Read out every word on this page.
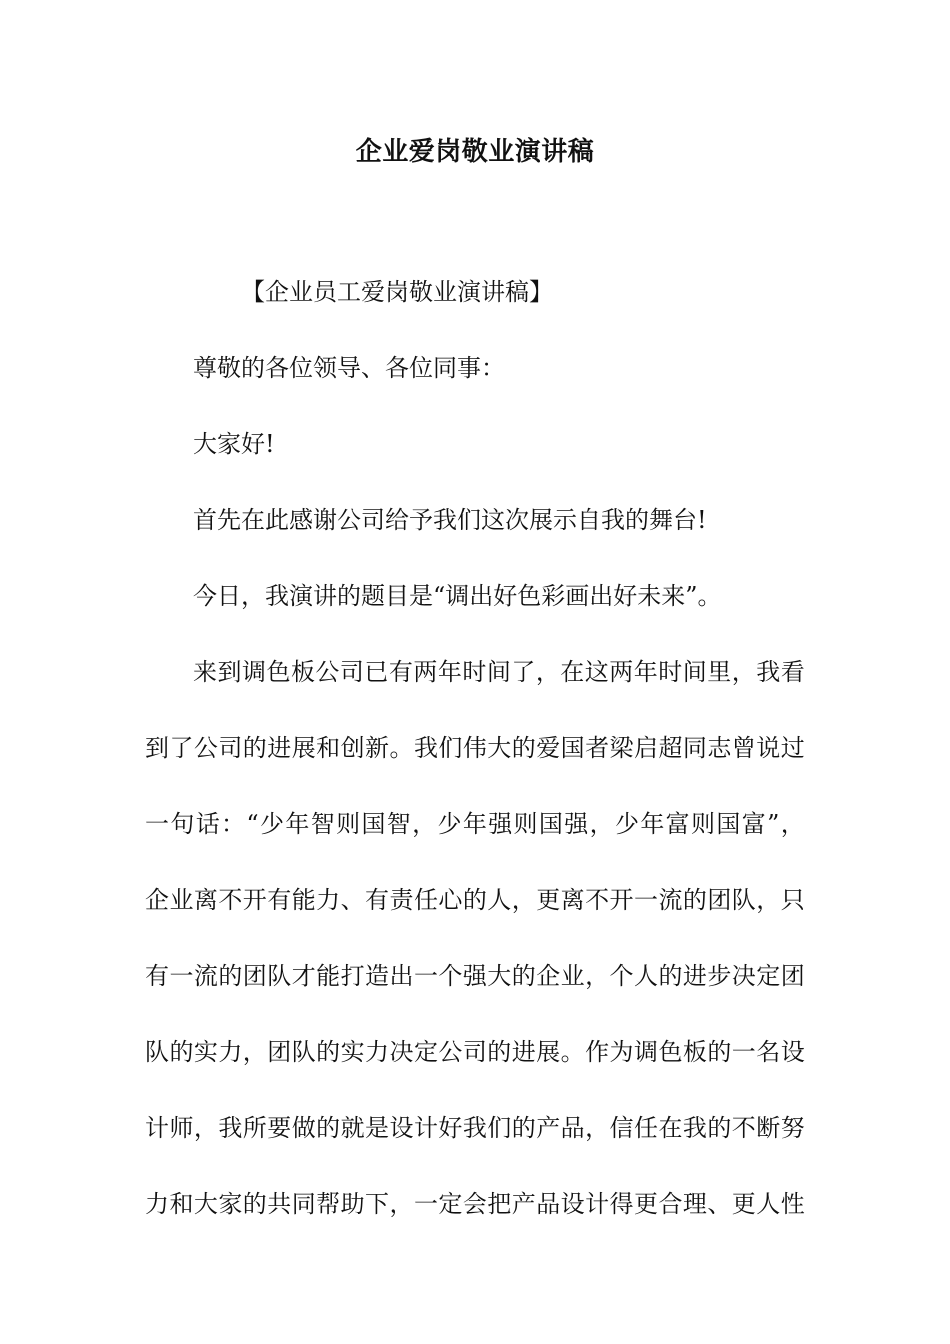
企业爱岗敬业演讲稿
【企业员工爱岗敬业演讲稿】
尊敬的各位领导、各位同事：
大家好!
首先在此感谢公司给予我们这次展示自我的舞台!
今日，我演讲的题目是“调出好色彩画出好未来”。
来到调色板公司已有两年时间了，在这两年时间里，我看
到了公司的进展和创新。我们伟大的爱国者梁启超同志曾说过
一句话：“少年智则国智，少年强则国强，少年富则国富”，
企业离不开有能力、有责任心的人，更离不开一流的团队，只
有一流的团队才能打造出一个强大的企业，个人的进步决定团
队的实力，团队的实力决定公司的进展。作为调色板的一名设
计师，我所要做的就是设计好我们的产品，信任在我的不断努
力和大家的共同帮助下，一定会把产品设计得更合理、更人性
